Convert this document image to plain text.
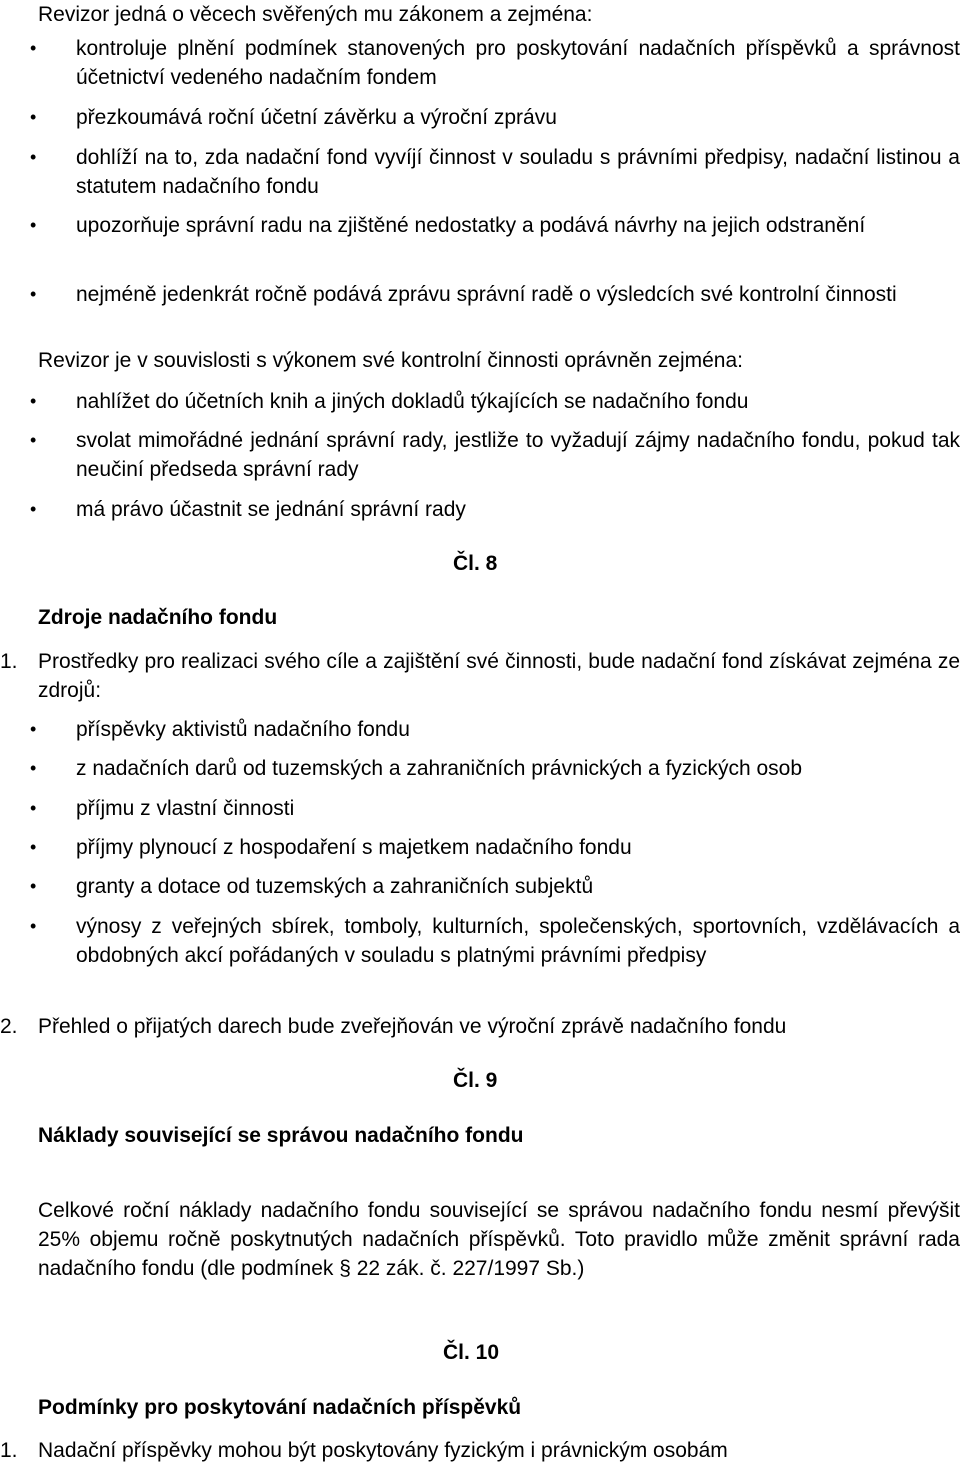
Revizor jedná o věcech svěřených mu zákonem a zejména:
• kontroluje plnění podmínek stanovených pro poskytování nadačních příspěvků a správnost účetnictví vedeného nadačním fondem
• přezkoumává roční účetní závěrku a výroční zprávu
• dohlíží na to, zda nadační fond vyvíjí činnost v souladu s právními předpisy, nadační listinou a statutem nadačního fondu
• upozorňuje správní radu na zjištěné nedostatky a podává návrhy na jejich odstranění
• nejméně jedenkrát ročně podává zprávu správní radě o výsledcích své kontrolní činnosti
Revizor je v souvislosti s výkonem své kontrolní činnosti oprávněn zejména:
• nahlížet do účetních knih a jiných dokladů týkajících se nadačního fondu
• svolat mimořádné jednání správní rady, jestliže to vyžadují zájmy nadačního fondu, pokud tak neučiní předseda správní rady
• má právo účastnit se jednání správní rady
Čl. 8
Zdroje nadačního fondu
1. Prostředky pro realizaci svého cíle a zajištění své činnosti, bude nadační fond získávat zejména ze zdrojů:
• příspěvky aktivistů nadačního fondu
• z nadačních darů od tuzemských a zahraničních právnických a fyzických osob
• příjmu z vlastní činnosti
• příjmy plynoucí z hospodaření s majetkem nadačního fondu
• granty a dotace od tuzemských a zahraničních subjektů
• výnosy z veřejných sbírek, tomboly, kulturních, společenských, sportovních, vzdělávacích a obdobných akcí pořádaných v souladu s platnými právními předpisy
2. Přehled o přijatých darech bude zveřejňován ve výroční zprávě nadačního fondu
Čl. 9
Náklady související se správou nadačního fondu
Celkové roční náklady nadačního fondu související se správou nadačního fondu nesmí převýšit 25% objemu ročně poskytnutých nadačních příspěvků. Toto pravidlo může změnit správní rada nadačního fondu (dle podmínek § 22 zák. č. 227/1997 Sb.)
Čl. 10
Podmínky pro poskytování nadačních příspěvků
1. Nadační příspěvky mohou být poskytovány fyzickým i právnickým osobám
